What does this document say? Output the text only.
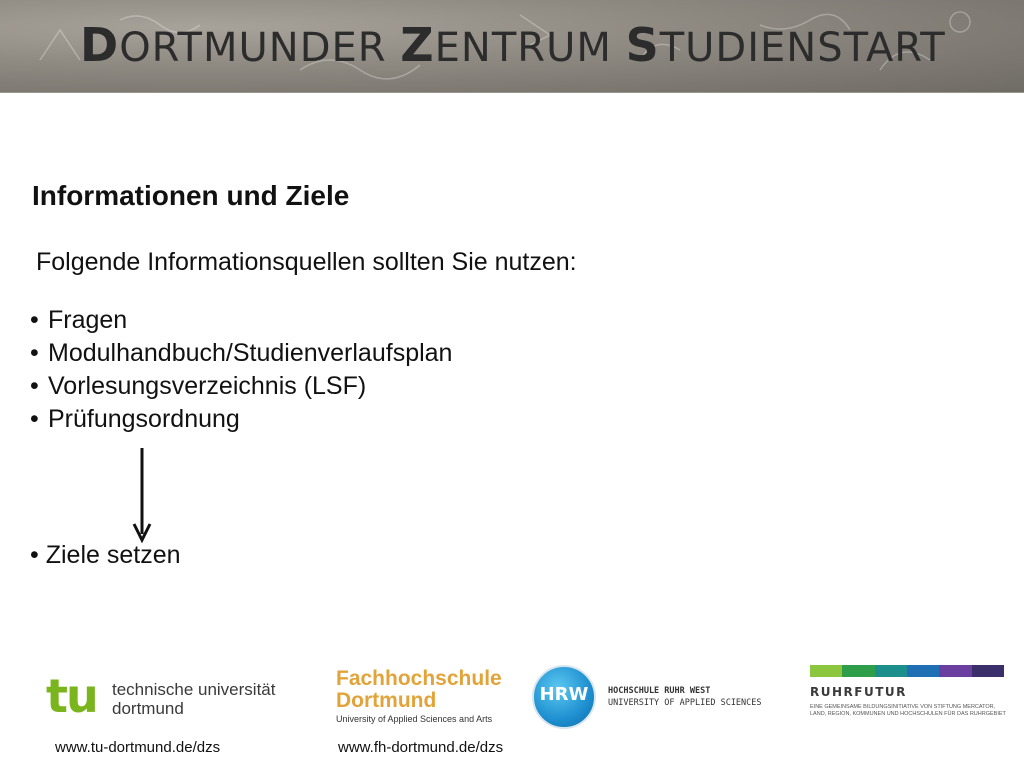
DORTMUNDER ZENTRUM STUDIENSTART
Informationen und Ziele
Folgende Informationsquellen sollten Sie nutzen:
• Fragen
• Modulhandbuch/Studienverlaufsplan
• Vorlesungsverzeichnis (LSF)
• Prüfungsordnung
• Ziele setzen
tu technische universität
dortmund
Fachhochschule
Dortmund
University of Applied Sciences and Arts
HRW	HOCHSCHULE RUHR WEST
UNIVERSITY OF APPLIED SCIENCES
RUHRFUTUR
EINE GEMEINSAME BILDUNGSINITIATIVE VON STIFTUNG MERCATOR, LAND, REGION, KOMMUNEN UND HOCHSCHULEN FÜR DAS RUHRGEBIET
www.tu-dortmund.de/dzs	www.fh-dortmund.de/dzs
